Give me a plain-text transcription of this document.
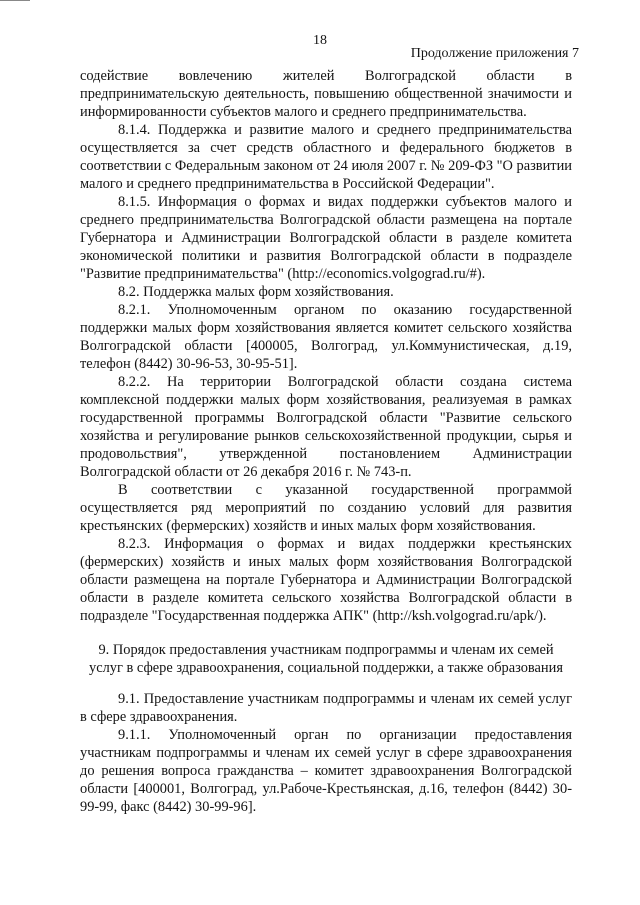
18
Продолжение приложения 7

содействие вовлечению жителей Волгоградской области в предпринимательскую деятельность, повышению общественной значимости и информированности субъектов малого и среднего предпринимательства.

8.1.4. Поддержка и развитие малого и среднего предпринимательства осуществляется за счет средств областного и федерального бюджетов в соответствии с Федеральным законом от 24 июля 2007 г. № 209-ФЗ "О развитии малого и среднего предпринимательства в Российской Федерации".

8.1.5. Информация о формах и видах поддержки субъектов малого и среднего предпринимательства Волгоградской области размещена на портале Губернатора и Администрации Волгоградской области в разделе комитета экономической политики и развития Волгоградской области в подразделе "Развитие предпринимательства" (http://economics.volgograd.ru/#).

8.2. Поддержка малых форм хозяйствования.

8.2.1. Уполномоченным органом по оказанию государственной поддержки малых форм хозяйствования является комитет сельского хозяйства Волгоградской области [400005, Волгоград, ул.Коммунистическая, д.19, телефон (8442) 30-96-53, 30-95-51].

8.2.2. На территории Волгоградской области создана система комплексной поддержки малых форм хозяйствования, реализуемая в рамках государственной программы Волгоградской области "Развитие сельского хозяйства и регулирование рынков сельскохозяйственной продукции, сырья и продовольствия", утвержденной постановлением Администрации Волгоградской области от 26 декабря 2016 г. № 743-п.

В соответствии с указанной государственной программой осуществляется ряд мероприятий по созданию условий для развития крестьянских (фермерских) хозяйств и иных малых форм хозяйствования.

8.2.3. Информация о формах и видах поддержки крестьянских (фермерских) хозяйств и иных малых форм хозяйствования Волгоградской области размещена на портале Губернатора и Администрации Волгоградской области в разделе комитета сельского хозяйства Волгоградской области в подразделе "Государственная поддержка АПК" (http://ksh.volgograd.ru/apk/).

9. Порядок предоставления участникам подпрограммы и членам их семей услуг в сфере здравоохранения, социальной поддержки, а также образования

9.1. Предоставление участникам подпрограммы и членам их семей услуг в сфере здравоохранения.

9.1.1. Уполномоченный орган по организации предоставления участникам подпрограммы и членам их семей услуг в сфере здравоохранения до решения вопроса гражданства – комитет здравоохранения Волгоградской области [400001, Волгоград, ул.Рабоче-Крестьянская, д.16, телефон (8442) 30-99-99, факс (8442) 30-99-96].
